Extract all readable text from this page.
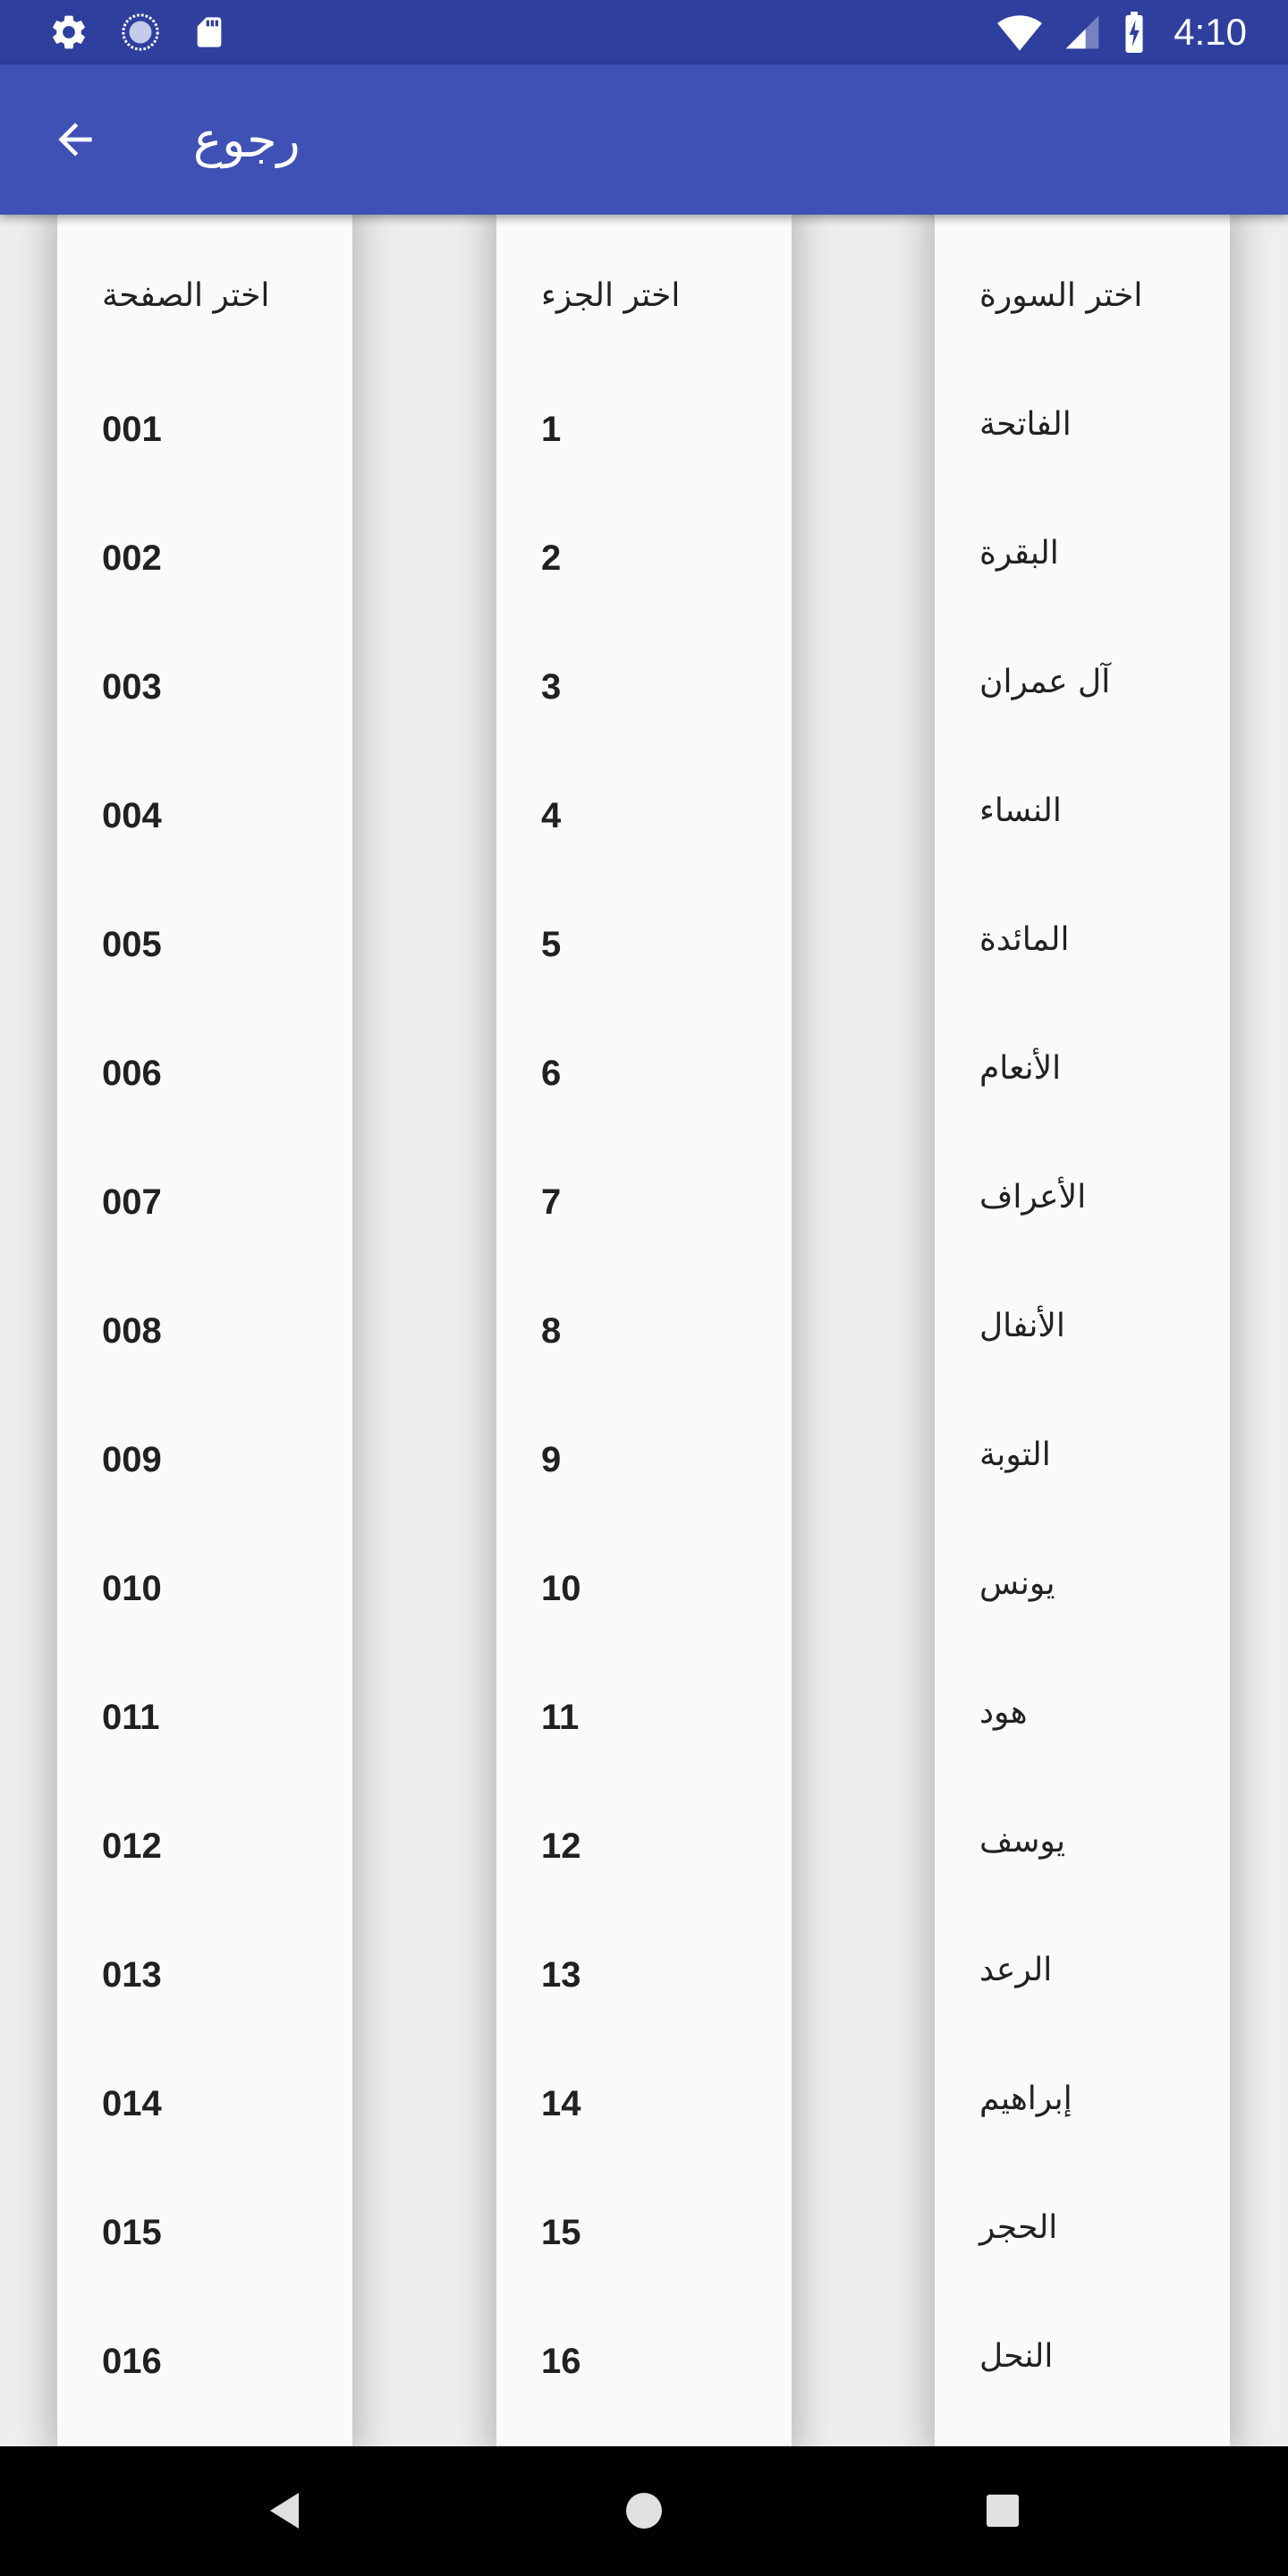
4:10
رجوع
اختر الصفحة
001
002
003
004
005
006
007
008
009
010
011
012
013
014
015
016
اختر الجزء
1
2
3
4
5
6
7
8
9
10
11
12
13
14
15
16
اختر السورة
الفاتحة
البقرة
آل عمران
النساء
المائدة
الأنعام
الأعراف
الأنفال
التوبة
يونس
هود
يوسف
الرعد
إبراهيم
الحجر
النحل
